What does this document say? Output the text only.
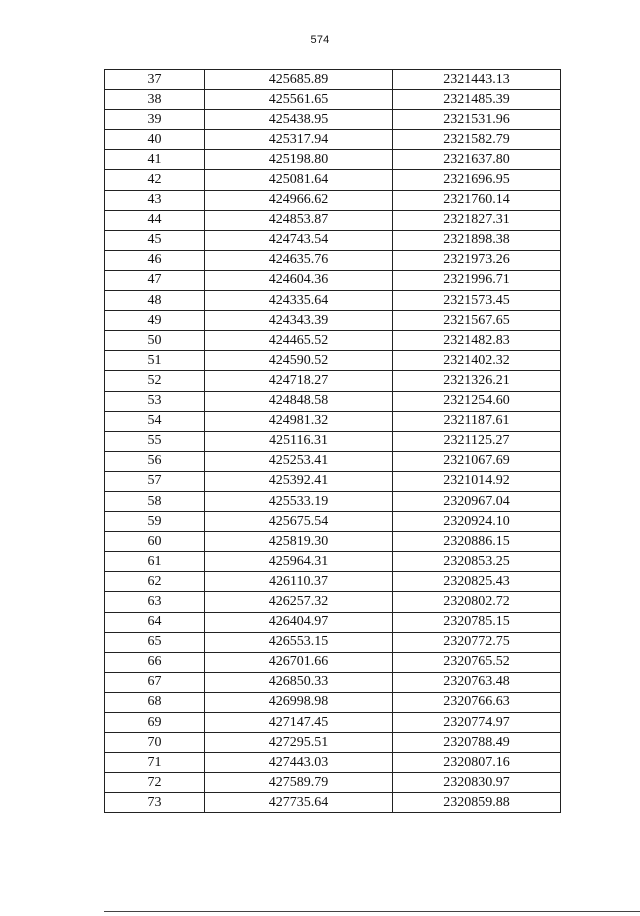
574
37	425685.89	2321443.13
38	425561.65	2321485.39
39	425438.95	2321531.96
40	425317.94	2321582.79
41	425198.80	2321637.80
42	425081.64	2321696.95
43	424966.62	2321760.14
44	424853.87	2321827.31
45	424743.54	2321898.38
46	424635.76	2321973.26
47	424604.36	2321996.71
48	424335.64	2321573.45
49	424343.39	2321567.65
50	424465.52	2321482.83
51	424590.52	2321402.32
52	424718.27	2321326.21
53	424848.58	2321254.60
54	424981.32	2321187.61
55	425116.31	2321125.27
56	425253.41	2321067.69
57	425392.41	2321014.92
58	425533.19	2320967.04
59	425675.54	2320924.10
60	425819.30	2320886.15
61	425964.31	2320853.25
62	426110.37	2320825.43
63	426257.32	2320802.72
64	426404.97	2320785.15
65	426553.15	2320772.75
66	426701.66	2320765.52
67	426850.33	2320763.48
68	426998.98	2320766.63
69	427147.45	2320774.97
70	427295.51	2320788.49
71	427443.03	2320807.16
72	427589.79	2320830.97
73	427735.64	2320859.88
